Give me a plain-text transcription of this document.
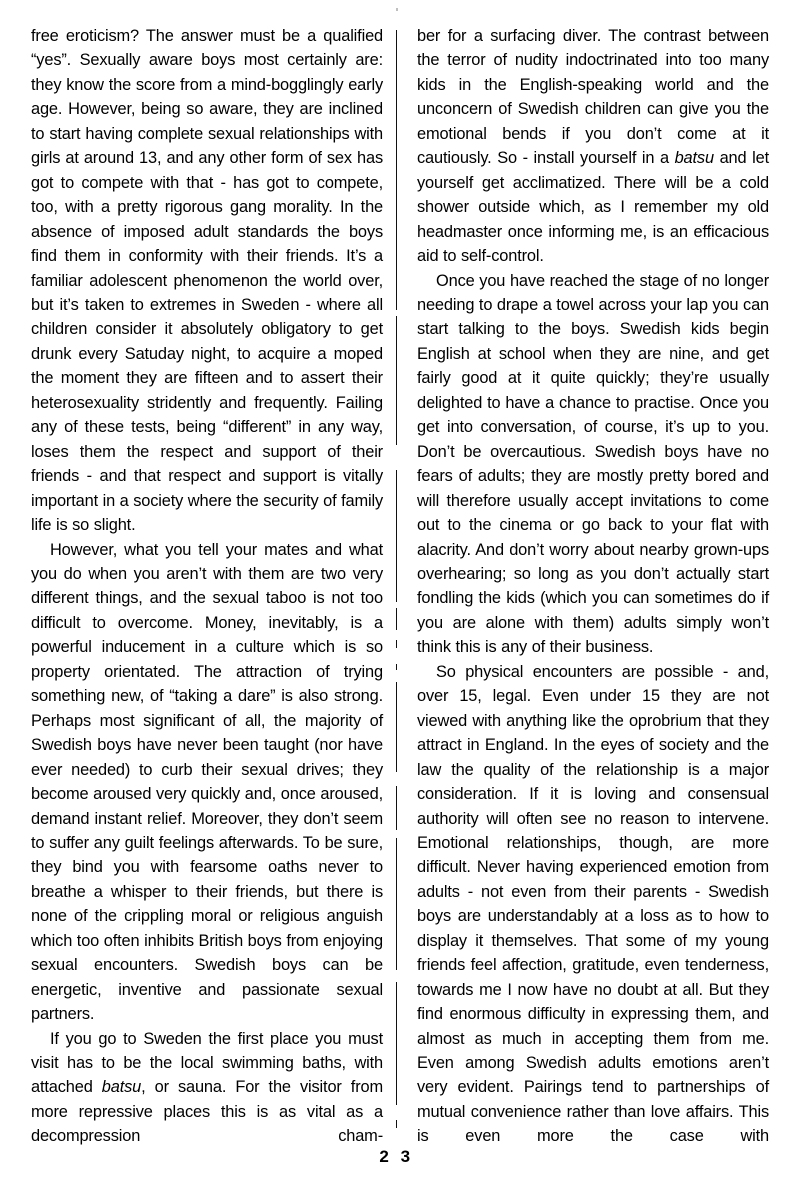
free eroticism? The answer must be a qualified “yes”. Sexually aware boys most certainly are: they know the score from a mind-bogglingly early age. However, being so aware, they are inclined to start having complete sexual relationships with girls at around 13, and any other form of sex has got to compete with that - has got to compete, too, with a pretty rigorous gang morality. In the absence of imposed adult standards the boys find them in conformity with their friends. It’s a familiar adolescent phenomenon the world over, but it’s taken to extremes in Sweden - where all children consider it absolutely obligatory to get drunk every Satuday night, to acquire a moped the moment they are fifteen and to assert their heterosexuality stridently and frequently. Failing any of these tests, being “different” in any way, loses them the respect and support of their friends - and that respect and support is vitally important in a society where the security of family life is so slight.

However, what you tell your mates and what you do when you aren’t with them are two very different things, and the sexual taboo is not too difficult to overcome. Money, inevitably, is a powerful inducement in a culture which is so property orientated. The attraction of trying something new, of “taking a dare” is also strong. Perhaps most significant of all, the majority of Swedish boys have never been taught (nor have ever needed) to curb their sexual drives; they become aroused very quickly and, once aroused, demand instant relief. Moreover, they don’t seem to suffer any guilt feelings afterwards. To be sure, they bind you with fearsome oaths never to breathe a whisper to their friends, but there is none of the crippling moral or religious anguish which too often inhibits British boys from enjoying sexual encounters. Swedish boys can be energetic, inventive and passionate sexual partners.

If you go to Sweden the first place you must visit has to be the local swimming baths, with attached batsu, or sauna. For the visitor from more repressive places this is as vital as a decompression cham-

ber for a surfacing diver. The contrast between the terror of nudity indoctrinated into too many kids in the English-speaking world and the unconcern of Swedish children can give you the emotional bends if you don’t come at it cautiously. So - install yourself in a batsu and let yourself get acclimatized. There will be a cold shower outside which, as I remember my old headmaster once informing me, is an efficacious aid to self-control.

Once you have reached the stage of no longer needing to drape a towel across your lap you can start talking to the boys. Swedish kids begin English at school when they are nine, and get fairly good at it quite quickly; they’re usually delighted to have a chance to practise. Once you get into conversation, of course, it’s up to you. Don’t be overcautious. Swedish boys have no fears of adults; they are mostly pretty bored and will therefore usually accept invitations to come out to the cinema or go back to your flat with alacrity. And don’t worry about nearby grown-ups overhearing; so long as you don’t actually start fondling the kids (which you can sometimes do if you are alone with them) adults simply won’t think this is any of their business.

So physical encounters are possible - and, over 15, legal. Even under 15 they are not viewed with anything like the oprobrium that they attract in England. In the eyes of society and the law the quality of the relationship is a major consideration. If it is loving and consensual authority will often see no reason to intervene. Emotional relationships, though, are more difficult. Never having experienced emotion from adults - not even from their parents - Swedish boys are understandably at a loss as to how to display it themselves. That some of my young friends feel affection, gratitude, even tenderness, towards me I now have no doubt at all. But they find enormous difficulty in expressing them, and almost as much in accepting them from me. Even among Swedish adults emotions aren’t very evident. Pairings tend to partnerships of mutual convenience rather than love affairs. This is even more the case with

2 3
